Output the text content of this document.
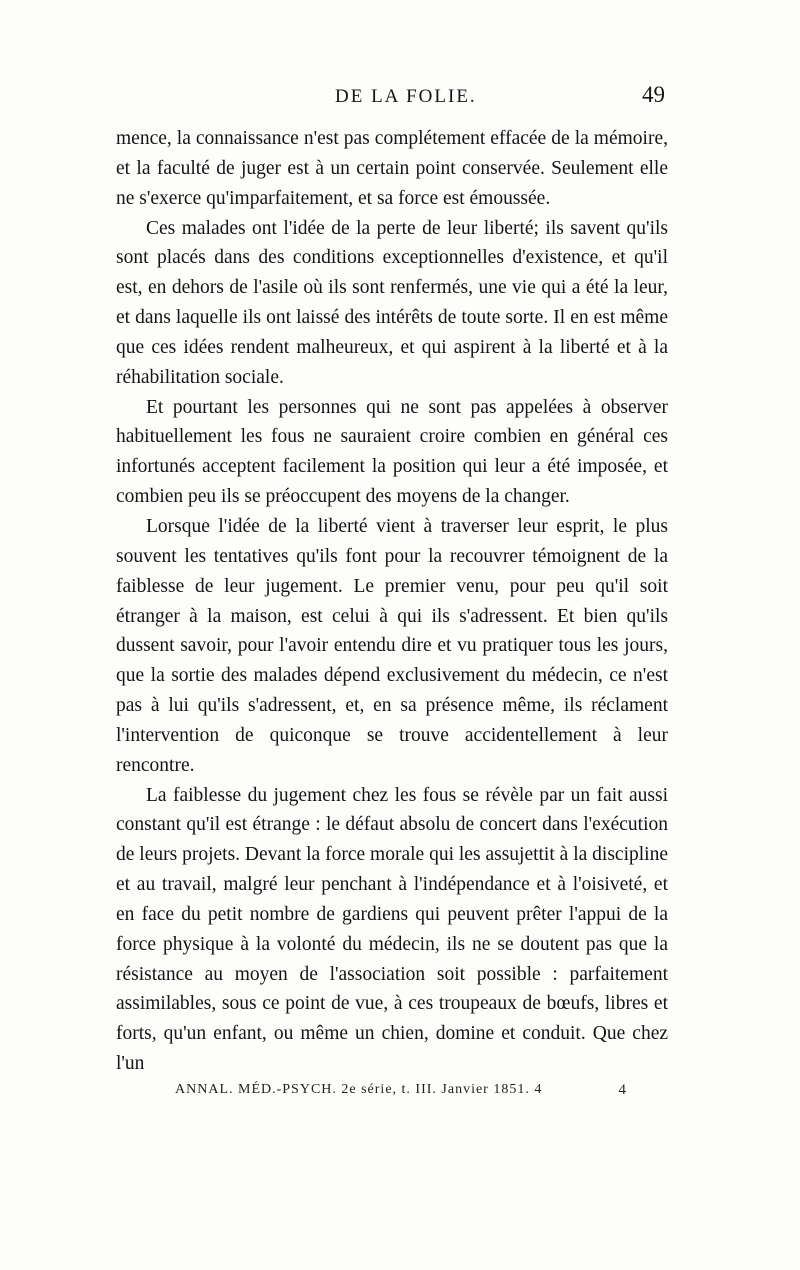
DE LA FOLIE.	49

mence, la connaissance n'est pas complétement effacée de la mémoire, et la faculté de juger est à un certain point conservée. Seulement elle ne s'exerce qu'imparfaitement, et sa force est émoussée.

Ces malades ont l'idée de la perte de leur liberté; ils savent qu'ils sont placés dans des conditions exceptionnelles d'existence, et qu'il est, en dehors de l'asile où ils sont renfermés, une vie qui a été la leur, et dans laquelle ils ont laissé des intérêts de toute sorte. Il en est même que ces idées rendent malheureux, et qui aspirent à la liberté et à la réhabilitation sociale.

Et pourtant les personnes qui ne sont pas appelées à observer habituellement les fous ne sauraient croire combien en général ces infortunés acceptent facilement la position qui leur a été imposée, et combien peu ils se préoccupent des moyens de la changer.

Lorsque l'idée de la liberté vient à traverser leur esprit, le plus souvent les tentatives qu'ils font pour la recouvrer témoignent de la faiblesse de leur jugement. Le premier venu, pour peu qu'il soit étranger à la maison, est celui à qui ils s'adressent. Et bien qu'ils dussent savoir, pour l'avoir entendu dire et vu pratiquer tous les jours, que la sortie des malades dépend exclusivement du médecin, ce n'est pas à lui qu'ils s'adressent, et, en sa présence même, ils réclament l'intervention de quiconque se trouve accidentellement à leur rencontre.

La faiblesse du jugement chez les fous se révèle par un fait aussi constant qu'il est étrange : le défaut absolu de concert dans l'exécution de leurs projets. Devant la force morale qui les assujettit à la discipline et au travail, malgré leur penchant à l'indépendance et à l'oisiveté, et en face du petit nombre de gardiens qui peuvent prêter l'appui de la force physique à la volonté du médecin, ils ne se doutent pas que la résistance au moyen de l'association soit possible : parfaitement assimilables, sous ce point de vue, à ces troupeaux de bœufs, libres et forts, qu'un enfant, ou même un chien, domine et conduit. Que chez l'un

ANNAL. MÉD.-PSYCH. 2e série, t. III. Janvier 1851. 4	4
